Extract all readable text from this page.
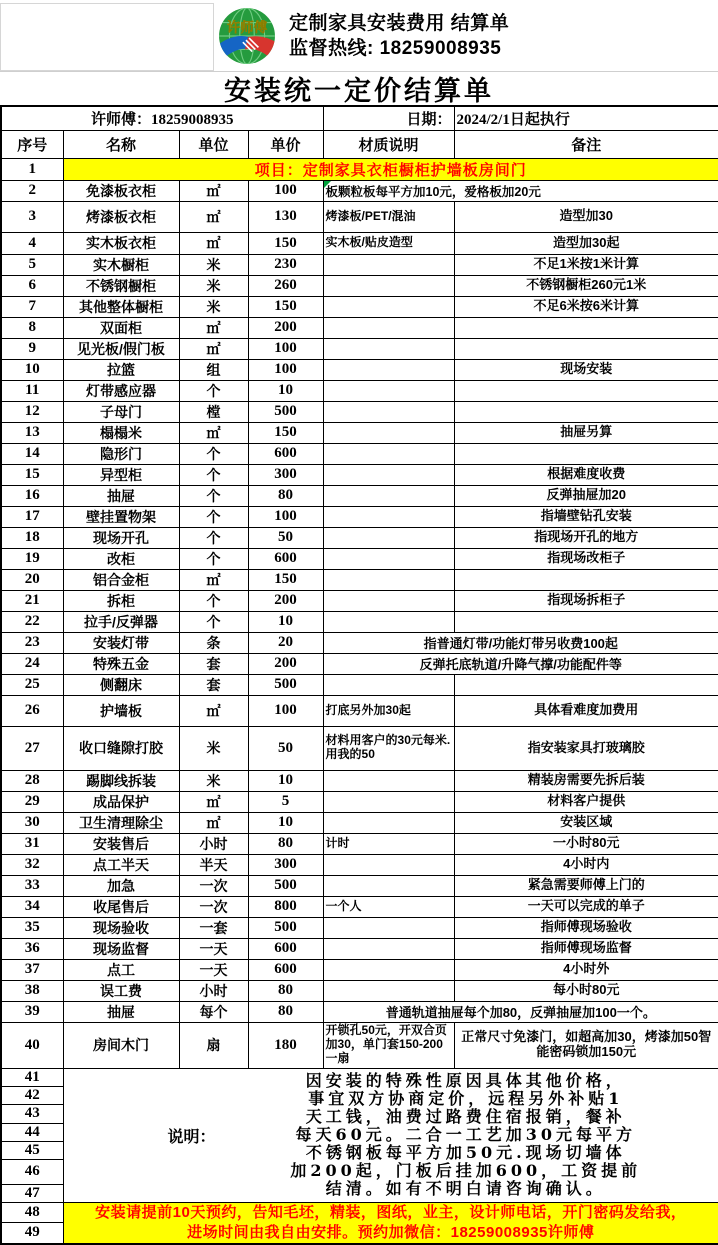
许师傅 定制家具安装费用 结算单
监督热线: 18259008935
安装统一定价结算单
许师傅：18259008935				日期：	2024/2/1日起执行
序号	名称	单位	单价	材质说明	备注
1	项目：定制家具衣柜橱柜护墙板房间门				
2	免漆板衣柜	㎡	100	板颗粒板每平方加10元，爱格板加20元	

3	烤漆板衣柜	㎡	130	烤漆板/PET/混油	造型加30
4	实木板衣柜	㎡	150	实木板/贴皮造型	造型加30起
5	实木橱柜	米	230		不足1米按1米计算
6	不锈钢橱柜	米	260		不锈钢橱柜260元1米
7	其他整体橱柜	米	150		不足6米按6米计算
8	双面柜	㎡	200		
9	见光板/假门板	㎡	100		
10	拉篮	组	100		现场安装
11	灯带感应器	个	10		
12	子母门	樘	500		
13	榻榻米	㎡	150		抽屉另算
14	隐形门	个	600		
15	异型柜	个	300		根据难度收费
16	抽屉	个	80		反弹抽屉加20
17	壁挂置物架	个	100		指墙壁钻孔安装
18	现场开孔	个	50		指现场开孔的地方
19	改柜	个	600		指现场改柜子
20	铝合金柜	㎡	150		
21	拆柜	个	200		指现场拆柜子
22	拉手/反弹器	个	10		
23	安装灯带	条	20	指普通灯带/功能灯带另收费100起	
24	特殊五金	套	200	反弹托底轨道/升降气撑/功能配件等	
25	侧翻床	套	500		
26	护墙板	㎡	100	打底另外加30起	具体看难度加费用
27	收口缝隙打胶	米	50	材料用客户的30元每米.用我的50	指安装家具打玻璃胶
28	踢脚线拆装	米	10		精装房需要先拆后装
29	成品保护	㎡	5		材料客户提供
30	卫生清理除尘	㎡	10		安装区域
31	安装售后	小时	80	计时	一小时80元
32	点工半天	半天	300		4小时内
33	加急	一次	500		紧急需要师傅上门的
34	收尾售后	一次	800	一个人	一天可以完成的单子
35	现场验收	一套	500		指师傅现场验收
36	现场监督	一天	600		指师傅现场监督
37	点工	一天	600		4小时外
38	误工费	小时	80		每小时80元
39	抽屉	每个	80	普通轨道抽屉每个加80，反弹抽屉加100一个。	
40	房间木门	扇	180	开锁孔50元，开双合页加30，单门套150-200一扇	正常尺寸免漆门，如超高加30，烤漆加50智能密码锁加150元
41	
说明：
因安装的特殊性原因具体其他价格，
事宜双方协商定价，远程另外补贴1
天工钱，油费过路费住宿报销，餐补
每天60元。二合一工艺加30元每平方
不锈钢板每平方加50元.现场切墙体
加200起，门板后挂加600，工资提前
结清。如有不明白请咨询确认。

42					
43					
44					
45					
46					
47					
48	安装请提前10天预约，告知毛坯，精装，图纸，业主，设计师电话，开门密码发给我，
进场时间由我自由安排。预约加微信：18259008935许师傅				

49					
